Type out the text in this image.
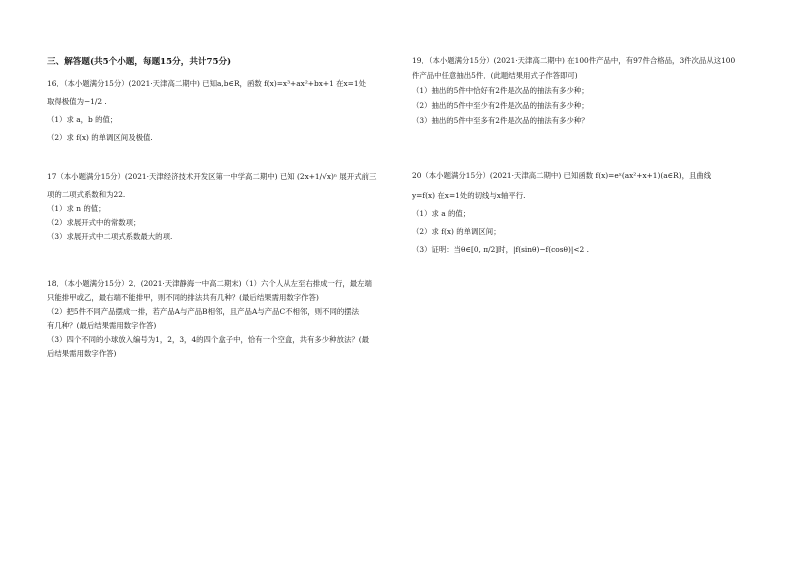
三、解答题(共5个小题，每题15分，共计75分)

16．（本小题满分15分）(2021·天津高二期中) 已知a,b∈R，函数 f(x)=x³+ax²+bx+1 在x=1处

取得极值为−1/2 .

（1）求 a，b 的值；

（2）求 f(x) 的单调区间及极值.

17（本小题满分15分）(2021·天津经济技术开发区第一中学高二期中) 已知 (2x+1/√x)ⁿ 展开式前三

项的二项式系数和为22.

（1）求 n 的值；

（2）求展开式中的常数项；

（3）求展开式中二项式系数最大的项.

18．（本小题满分15分）2．(2021·天津静海一中高二期末)（1）六个人从左至右排成一行，最左端

只能排甲或乙，最右端不能排甲，则不同的排法共有几种？(最后结果需用数字作答)

（2）把5件不同产品摆成一排，若产品A与产品B相邻，且产品A与产品C不相邻，则不同的摆法

有几种？(最后结果需用数字作答)

（3）四个不同的小球放入编号为1，2，3，4的四个盒子中，恰有一个空盒，共有多少种放法？(最

后结果需用数字作答)

19．（本小题满分15分）(2021·天津高二期中) 在100件产品中，有97件合格品，3件次品从这100

件产品中任意抽出5件．(此题结果用式子作答即可)

（1）抽出的5件中恰好有2件是次品的抽法有多少种；

（2）抽出的5件中至少有2件是次品的抽法有多少种；

（3）抽出的5件中至多有2件是次品的抽法有多少种？

20（本小题满分15分）(2021·天津高二期中) 已知函数 f(x)=eˣ(ax²+x+1)(a∈R)，且曲线

y=f(x) 在x=1处的切线与x轴平行.

（1）求 a 的值；

（2）求 f(x) 的单调区间；

（3）证明：当θ∈[0, π/2]时，|f(sinθ)−f(cosθ)|<2 .
